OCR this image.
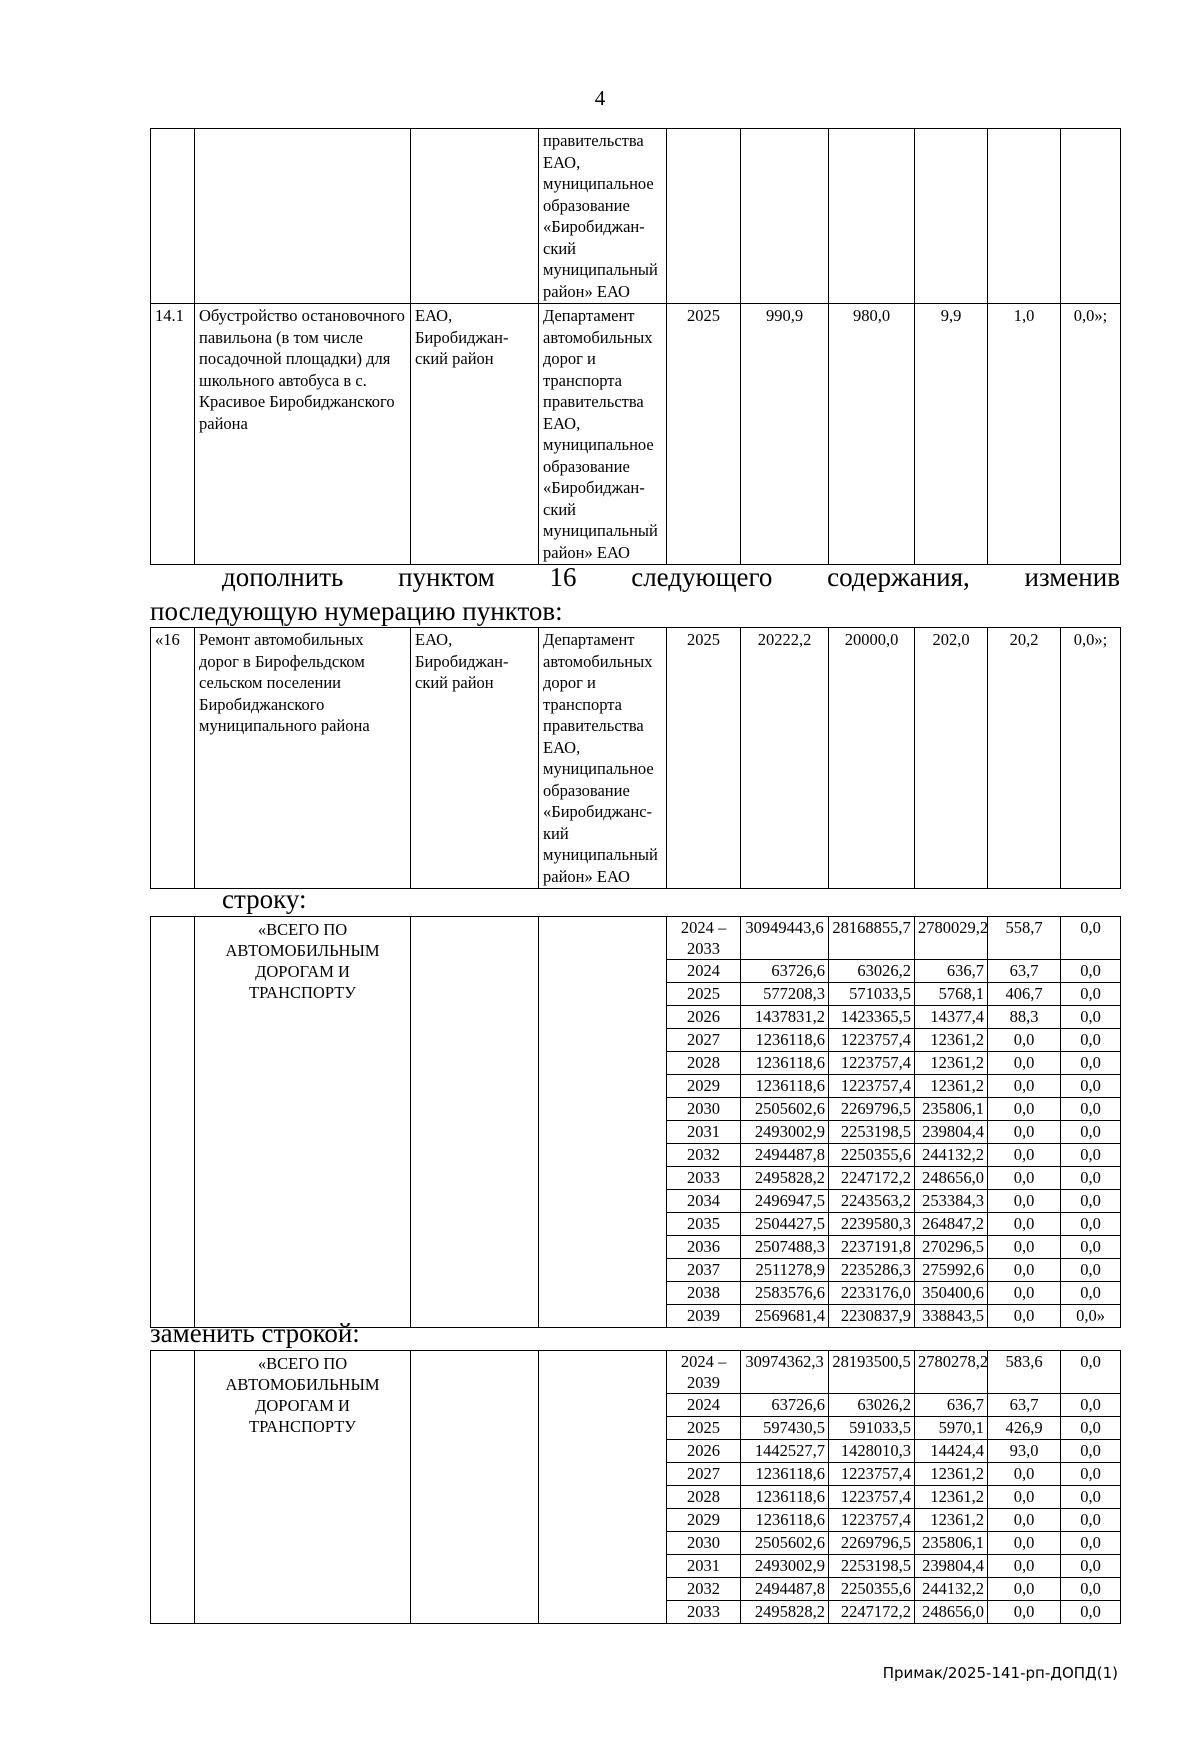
4
			правительства ЕАО, муниципальное образование «Биробиджан-ский муниципальный район» ЕАО						
14.1	Обустройство остановочного павильона (в том числе посадочной площадки) для школьного автобуса в с. Красивое Биробиджанского района	ЕАО, Биробиджан-ский район	Департамент автомобильных дорог и транспорта правительства ЕАО, муниципальное образование «Биробиджан-ский муниципальный район» ЕАО	2025	990,9	980,0	9,9	1,0	0,0»;
дополнить пунктом 16 следующего содержания, изменив
последующую нумерацию пунктов:
«16	Ремонт автомобильных дорог в Бирофельдском сельском поселении Биробиджанского муниципального района	ЕАО, Биробиджан-ский район	Департамент автомобильных дорог и транспорта правительства ЕАО, муниципальное образование «Биробиджанс-кий муниципальный район» ЕАО	2025	20222,2	20000,0	202,0	20,2	0,0»;
строку:
	«ВСЕГО ПО АВТОМОБИЛЬНЫМ ДОРОГАМ И ТРАНСПОРТУ			2024 – 2033	30949443,6	28168855,7	2780029,2	558,7	0,0
				2024	63726,6	63026,2	636,7	63,7	0,0
				2025	577208,3	571033,5	5768,1	406,7	0,0
				2026	1437831,2	1423365,5	14377,4	88,3	0,0
				2027	1236118,6	1223757,4	12361,2	0,0	0,0
				2028	1236118,6	1223757,4	12361,2	0,0	0,0
				2029	1236118,6	1223757,4	12361,2	0,0	0,0
				2030	2505602,6	2269796,5	235806,1	0,0	0,0
				2031	2493002,9	2253198,5	239804,4	0,0	0,0
				2032	2494487,8	2250355,6	244132,2	0,0	0,0
				2033	2495828,2	2247172,2	248656,0	0,0	0,0
				2034	2496947,5	2243563,2	253384,3	0,0	0,0
				2035	2504427,5	2239580,3	264847,2	0,0	0,0
				2036	2507488,3	2237191,8	270296,5	0,0	0,0
				2037	2511278,9	2235286,3	275992,6	0,0	0,0
				2038	2583576,6	2233176,0	350400,6	0,0	0,0
				2039	2569681,4	2230837,9	338843,5	0,0	0,0»
заменить строкой:
	«ВСЕГО ПО АВТОМОБИЛЬНЫМ ДОРОГАМ И ТРАНСПОРТУ			2024 – 2039	30974362,3	28193500,5	2780278,2	583,6	0,0
				2024	63726,6	63026,2	636,7	63,7	0,0
				2025	597430,5	591033,5	5970,1	426,9	0,0
				2026	1442527,7	1428010,3	14424,4	93,0	0,0
				2027	1236118,6	1223757,4	12361,2	0,0	0,0
				2028	1236118,6	1223757,4	12361,2	0,0	0,0
				2029	1236118,6	1223757,4	12361,2	0,0	0,0
				2030	2505602,6	2269796,5	235806,1	0,0	0,0
				2031	2493002,9	2253198,5	239804,4	0,0	0,0
				2032	2494487,8	2250355,6	244132,2	0,0	0,0
				2033	2495828,2	2247172,2	248656,0	0,0	0,0
Примак/2025-141-рп-ДОПД(1)
